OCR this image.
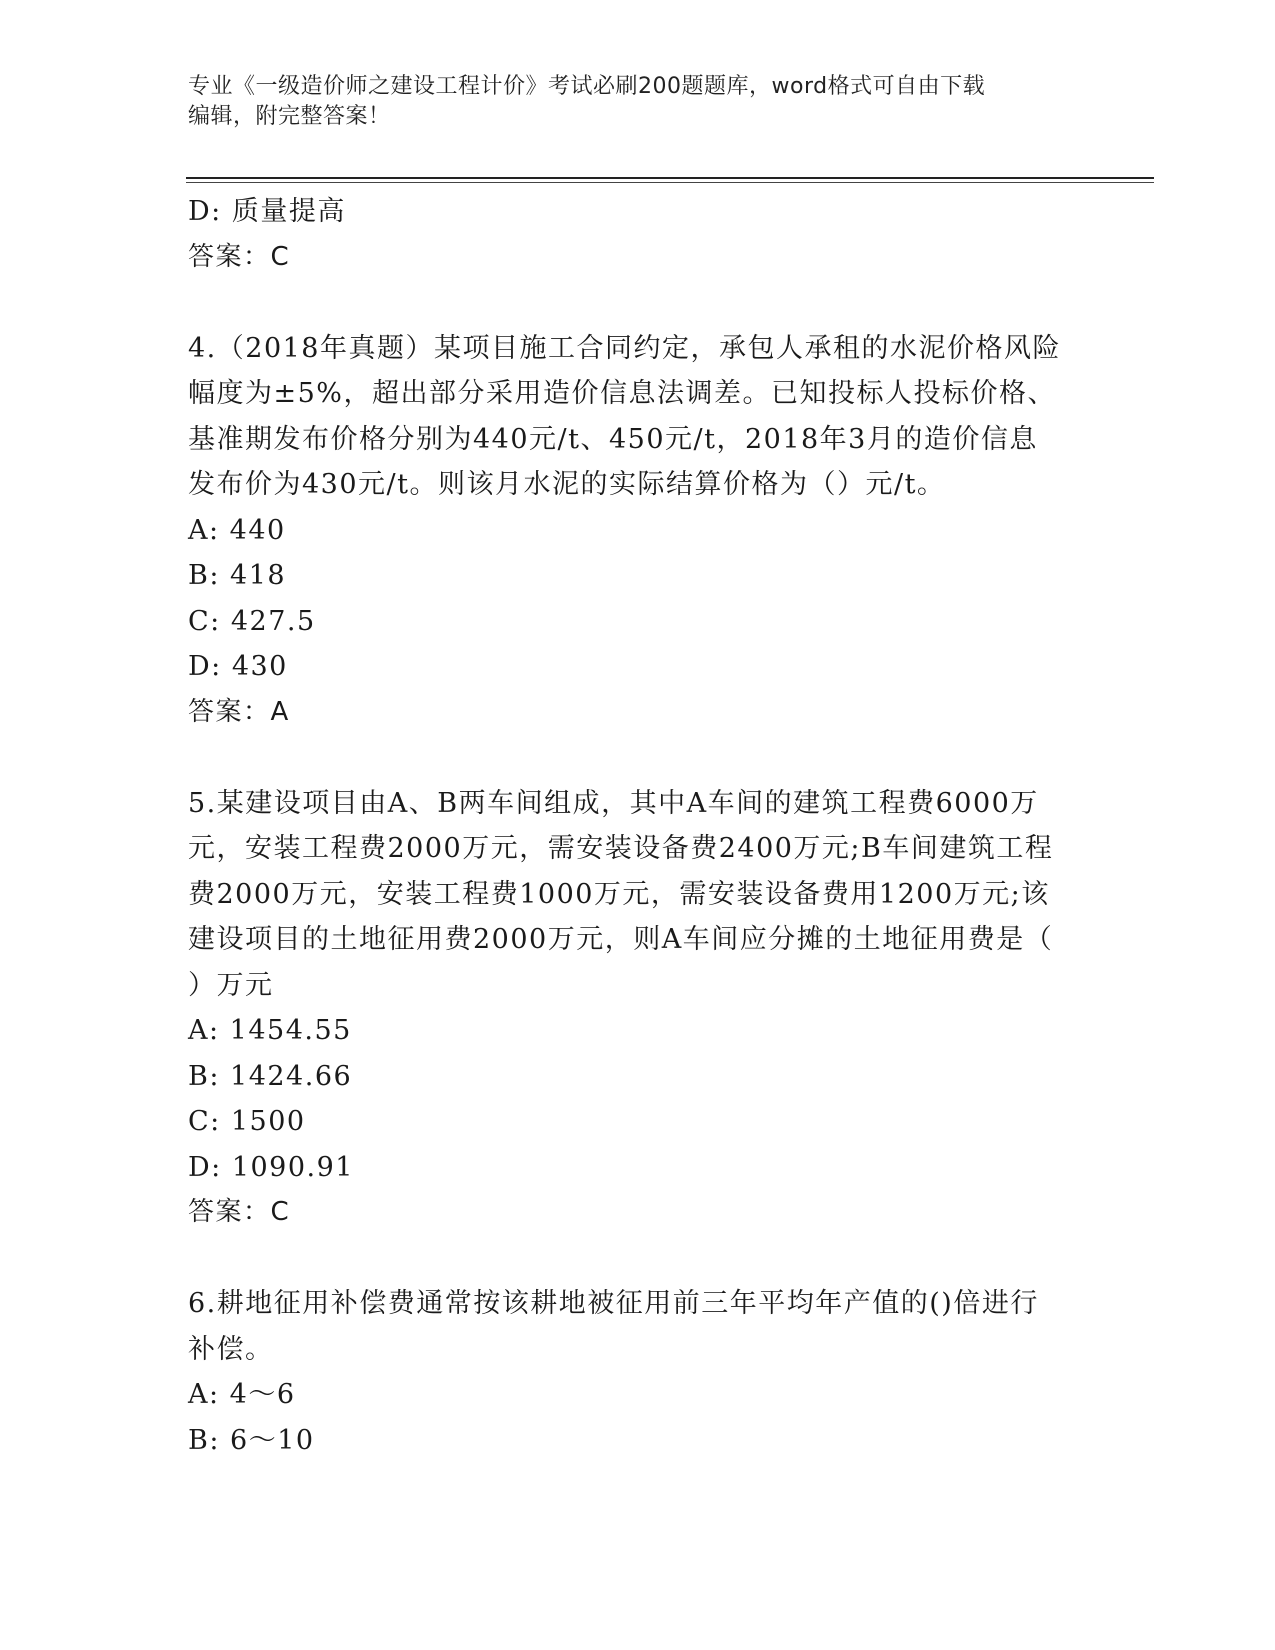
专业《一级造价师之建设工程计价》考试必刷200题题库，word格式可自由下载
编辑，附完整答案！
D: 质量提高
答案：C
4.（2018年真题）某项目施工合同约定，承包人承租的水泥价格风险
幅度为±5%，超出部分采用造价信息法调差。已知投标人投标价格、
基准期发布价格分别为440元/t、450元/t，2018年3月的造价信息
发布价为430元/t。则该月水泥的实际结算价格为（）元/t。
A: 440
B: 418
C: 427.5
D: 430
答案：A
5.某建设项目由A、B两车间组成，其中A车间的建筑工程费6000万
元，安装工程费2000万元，需安装设备费2400万元;B车间建筑工程
费2000万元，安装工程费1000万元，需安装设备费用1200万元;该
建设项目的土地征用费2000万元，则A车间应分摊的土地征用费是（
）万元
A: 1454.55
B: 1424.66
C: 1500
D: 1090.91
答案：C
6.耕地征用补偿费通常按该耕地被征用前三年平均年产值的()倍进行
补偿。
A: 4～6
B: 6～10
